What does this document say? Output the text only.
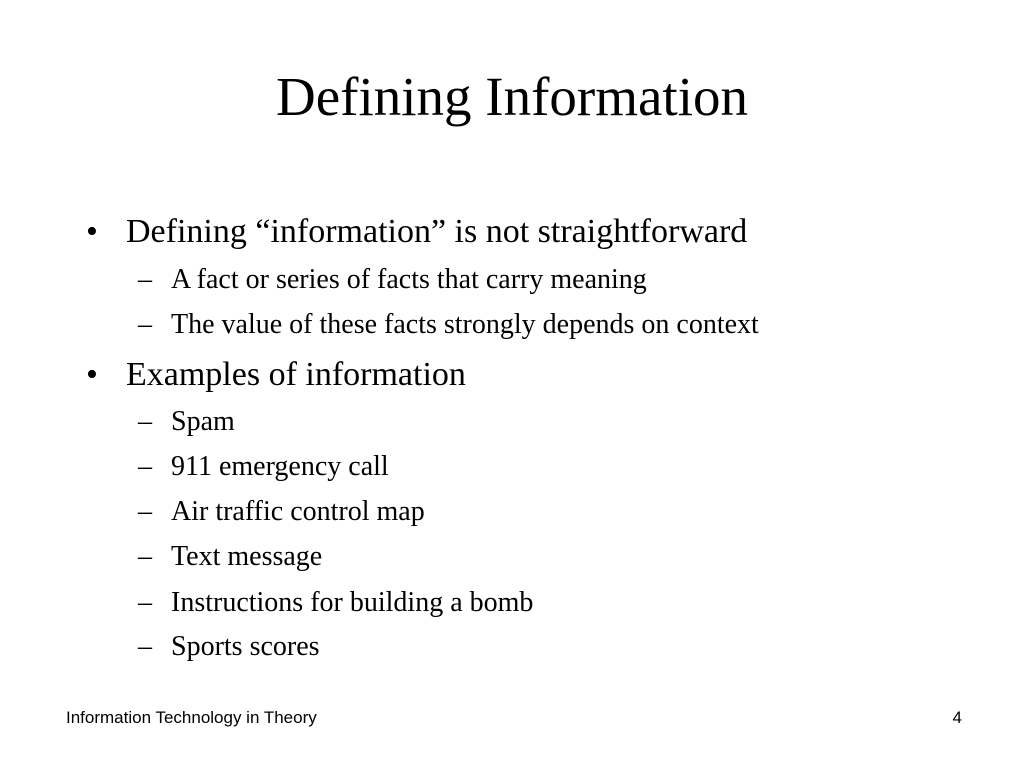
Defining Information
• Defining “information” is not straightforward
– A fact or series of facts that carry meaning
– The value of these facts strongly depends on context
• Examples of information
– Spam
– 911 emergency call
– Air traffic control map
– Text message
– Instructions for building a bomb
– Sports scores
Information Technology in Theory	4
